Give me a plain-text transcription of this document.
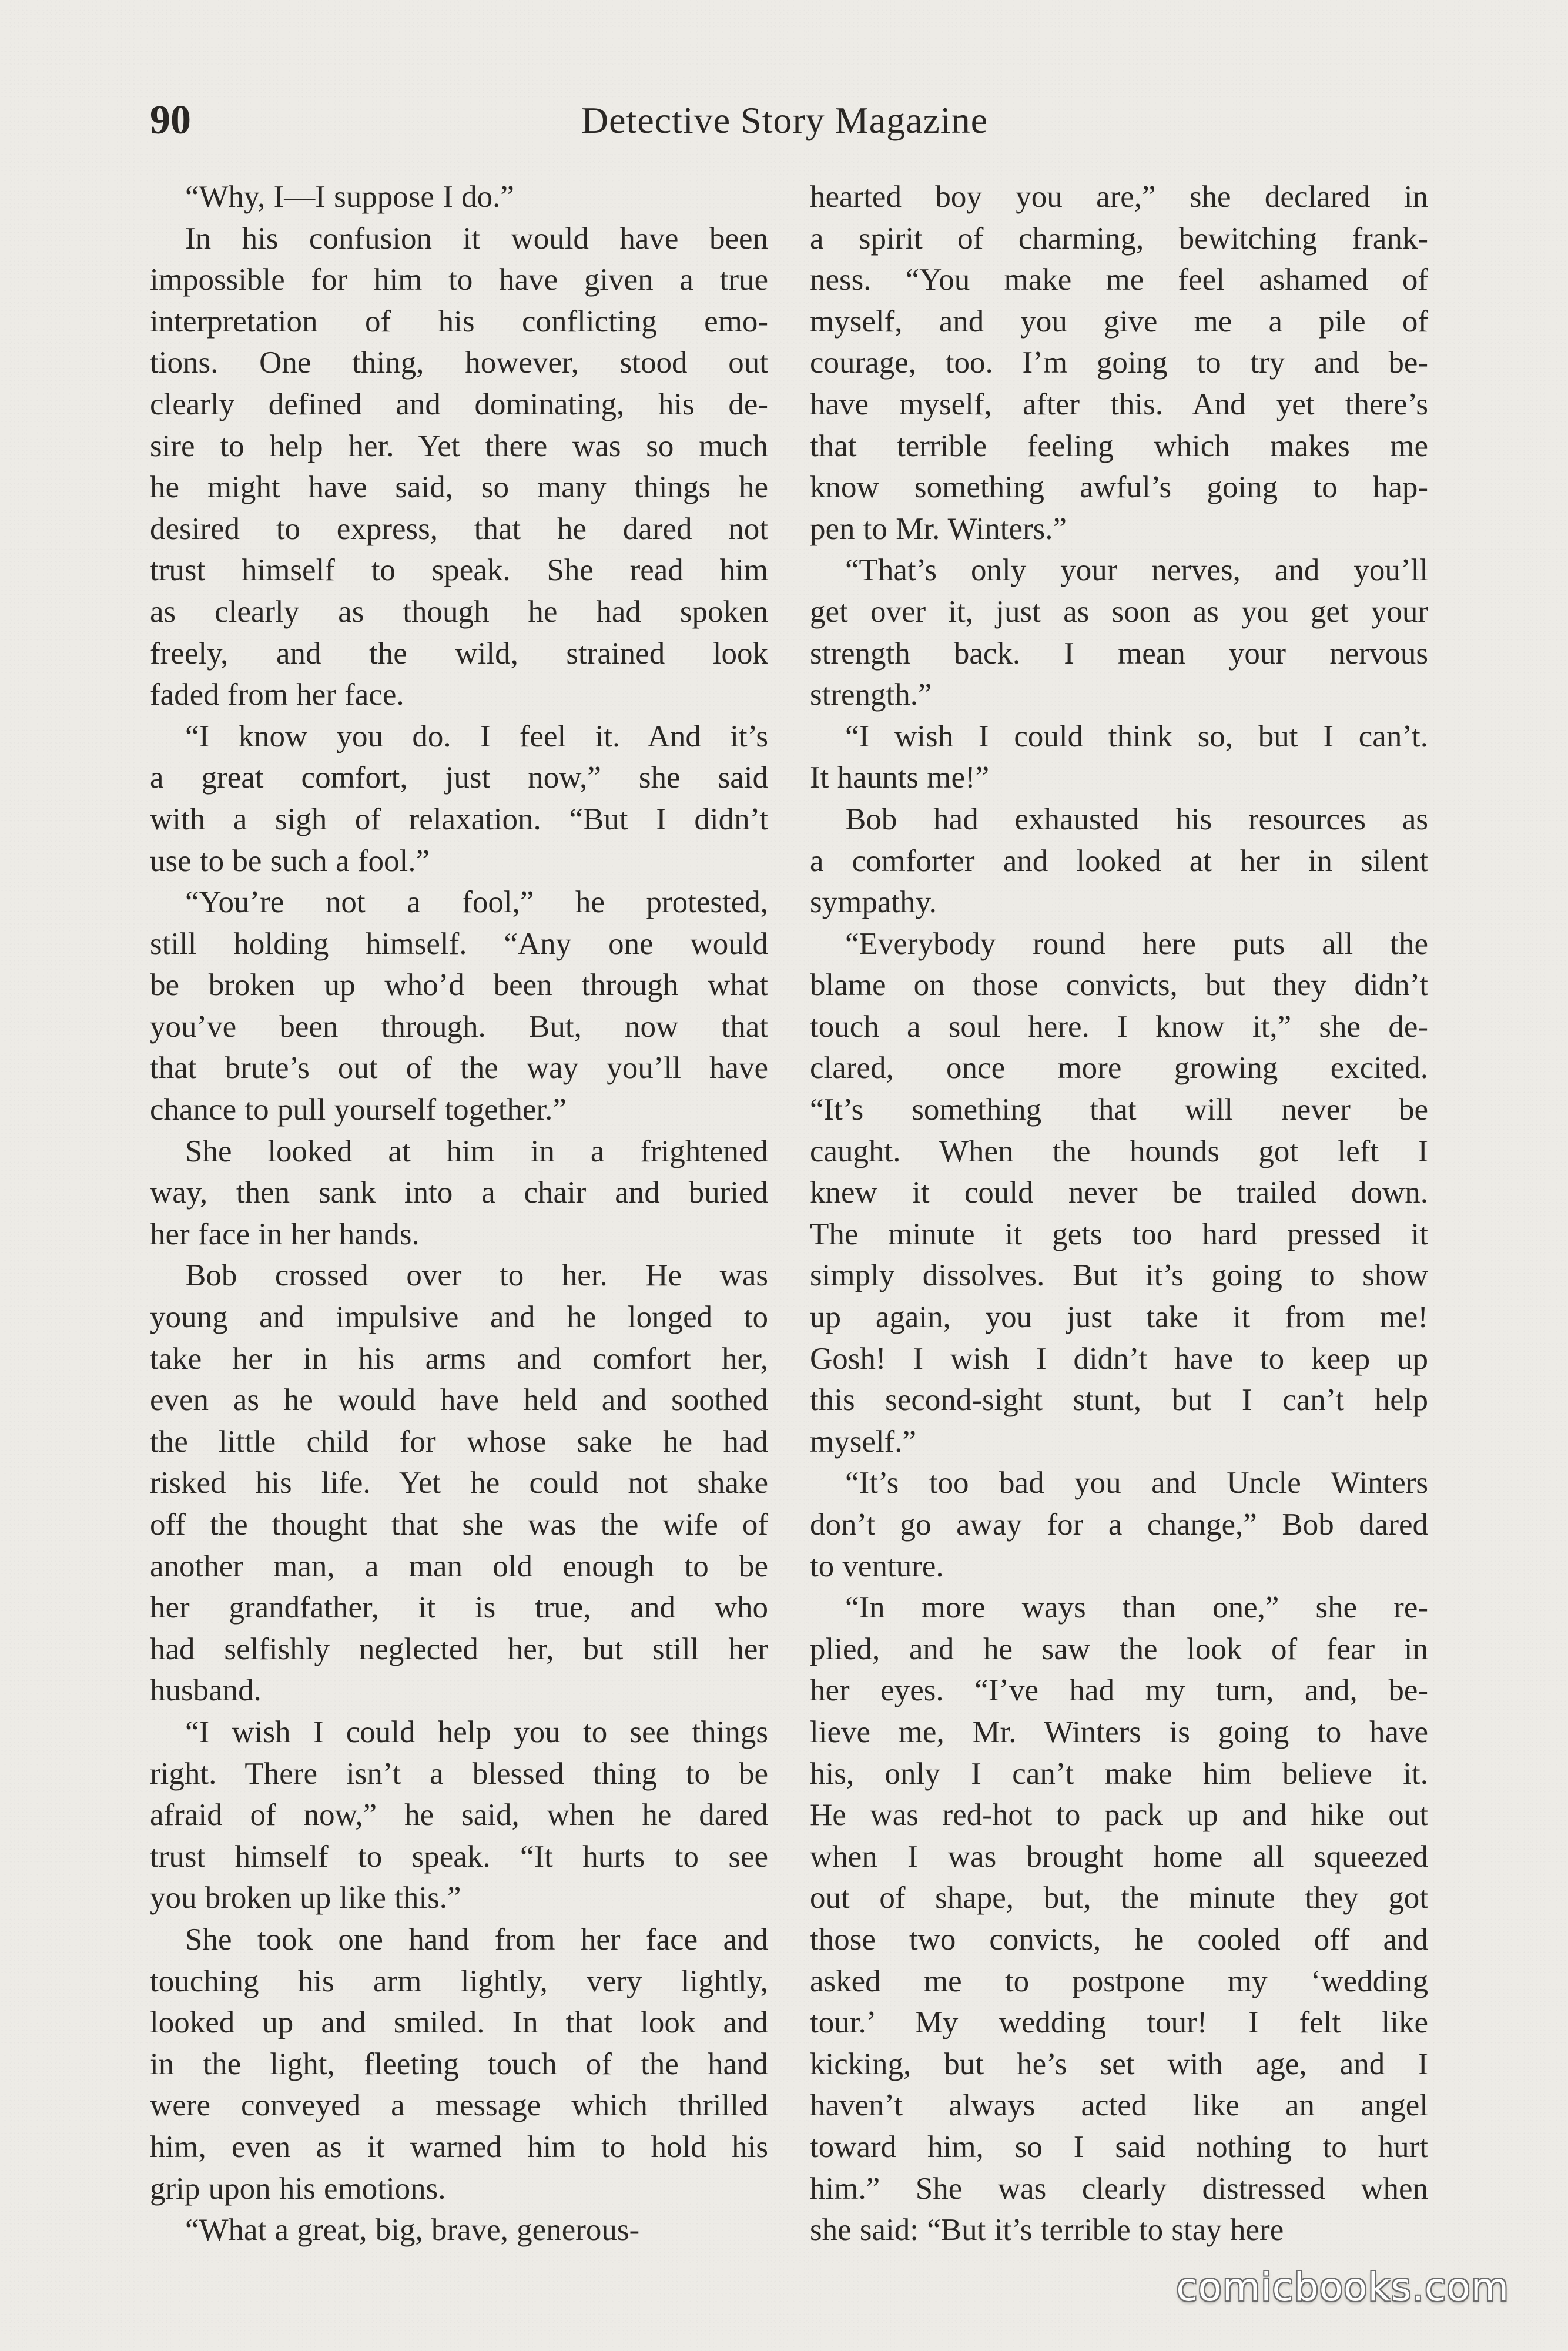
90	Detective Story Magazine
“Why, I—I suppose I do.”
In his confusion it would have been
impossible for him to have given a true
interpretation of his conflicting emo-
tions. One thing, however, stood out
clearly defined and dominating, his de-
sire to help her. Yet there was so much
he might have said, so many things he
desired to express, that he dared not
trust himself to speak. She read him
as clearly as though he had spoken
freely, and the wild, strained look
faded from her face.
“I know you do. I feel it. And it’s
a great comfort, just now,” she said
with a sigh of relaxation. “But I didn’t
use to be such a fool.”
“You’re not a fool,” he protested,
still holding himself. “Any one would
be broken up who’d been through what
you’ve been through. But, now that
that brute’s out of the way you’ll have
chance to pull yourself together.”
She looked at him in a frightened
way, then sank into a chair and buried
her face in her hands.
Bob crossed over to her. He was
young and impulsive and he longed to
take her in his arms and comfort her,
even as he would have held and soothed
the little child for whose sake he had
risked his life. Yet he could not shake
off the thought that she was the wife of
another man, a man old enough to be
her grandfather, it is true, and who
had selfishly neglected her, but still her
husband.
“I wish I could help you to see things
right. There isn’t a blessed thing to be
afraid of now,” he said, when he dared
trust himself to speak. “It hurts to see
you broken up like this.”
She took one hand from her face and
touching his arm lightly, very lightly,
looked up and smiled. In that look and
in the light, fleeting touch of the hand
were conveyed a message which thrilled
him, even as it warned him to hold his
grip upon his emotions.
“What a great, big, brave, generous-
hearted boy you are,” she declared in
a spirit of charming, bewitching frank-
ness. “You make me feel ashamed of
myself, and you give me a pile of
courage, too. I’m going to try and be-
have myself, after this. And yet there’s
that terrible feeling which makes me
know something awful’s going to hap-
pen to Mr. Winters.”
“That’s only your nerves, and you’ll
get over it, just as soon as you get your
strength back. I mean your nervous
strength.”
“I wish I could think so, but I can’t.
It haunts me!”
Bob had exhausted his resources as
a comforter and looked at her in silent
sympathy.
“Everybody round here puts all the
blame on those convicts, but they didn’t
touch a soul here. I know it,” she de-
clared, once more growing excited.
“It’s something that will never be
caught. When the hounds got left I
knew it could never be trailed down.
The minute it gets too hard pressed it
simply dissolves. But it’s going to show
up again, you just take it from me!
Gosh! I wish I didn’t have to keep up
this second-sight stunt, but I can’t help
myself.”
“It’s too bad you and Uncle Winters
don’t go away for a change,” Bob dared
to venture.
“In more ways than one,” she re-
plied, and he saw the look of fear in
her eyes. “I’ve had my turn, and, be-
lieve me, Mr. Winters is going to have
his, only I can’t make him believe it.
He was red-hot to pack up and hike out
when I was brought home all squeezed
out of shape, but, the minute they got
those two convicts, he cooled off and
asked me to postpone my ‘wedding
tour.’ My wedding tour! I felt like
kicking, but he’s set with age, and I
haven’t always acted like an angel
toward him, so I said nothing to hurt
him.” She was clearly distressed when
she said: “But it’s terrible to stay here
comicbooks.com
